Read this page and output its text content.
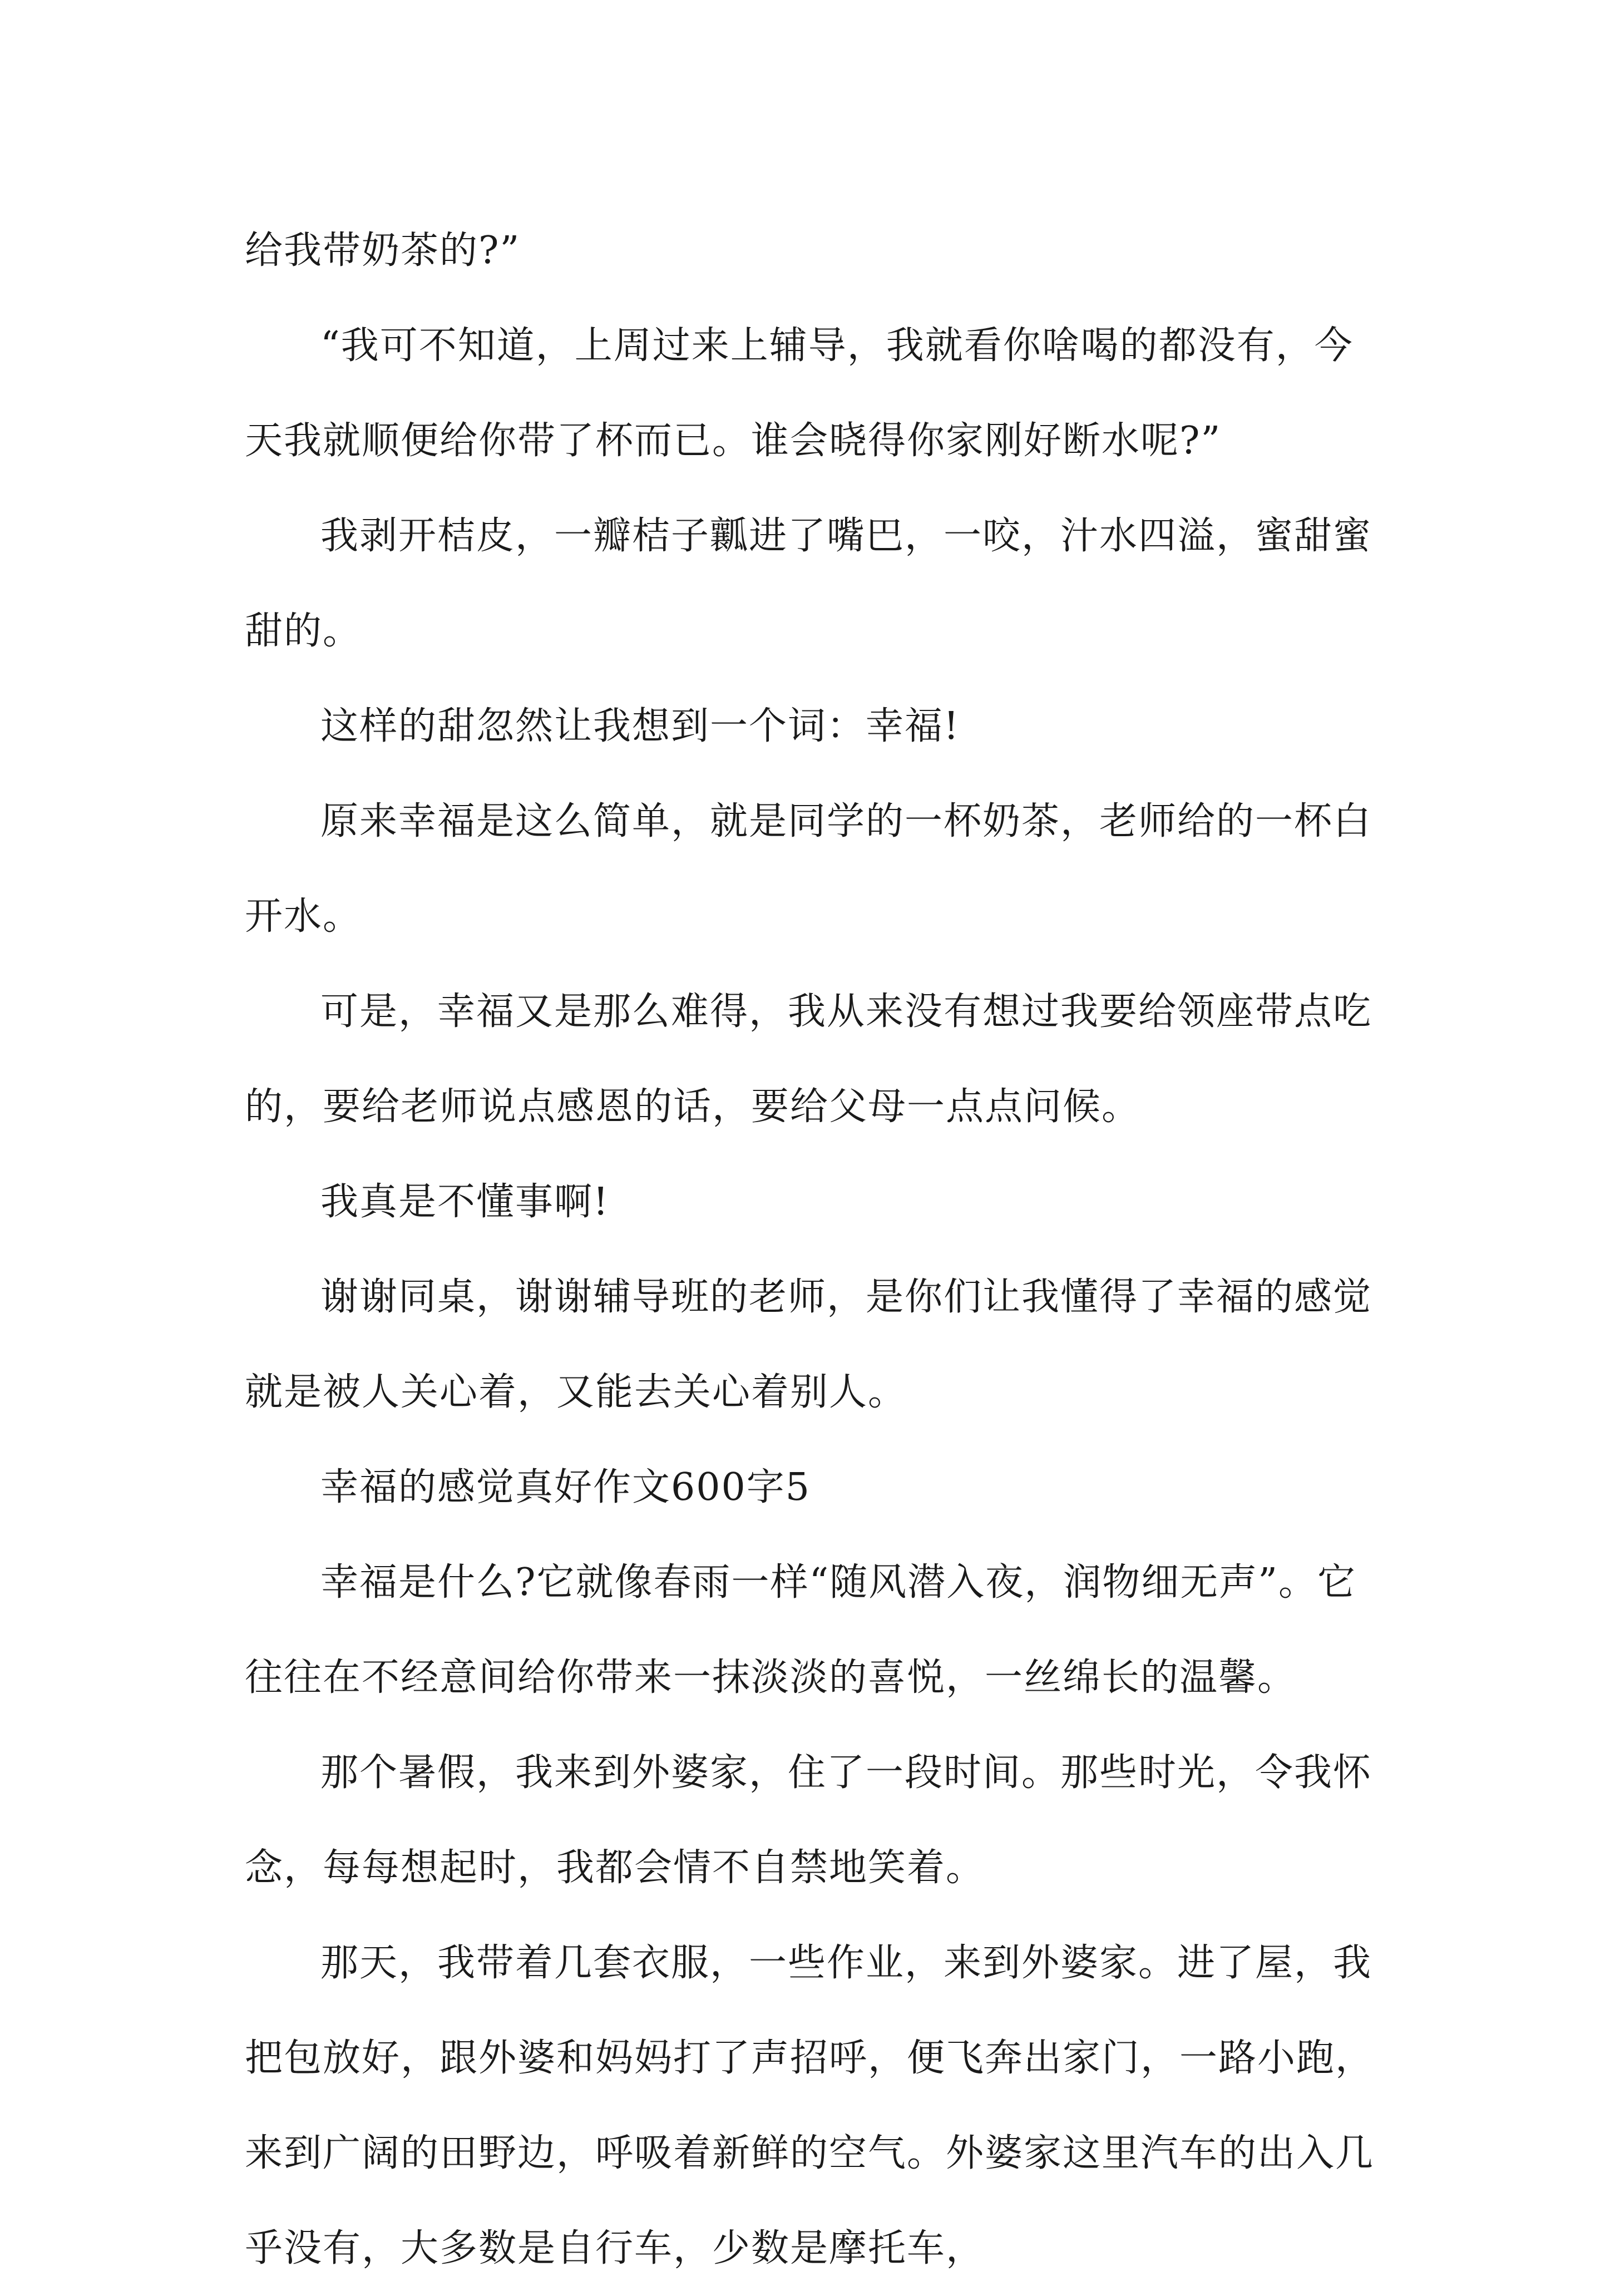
给我带奶茶的?”

“我可不知道，上周过来上辅导，我就看你啥喝的都没有，今天我就顺便给你带了杯而已。谁会晓得你家刚好断水呢?”

我剥开桔皮，一瓣桔子瓤进了嘴巴，一咬，汁水四溢，蜜甜蜜甜的。

这样的甜忽然让我想到一个词：幸福!

原来幸福是这么简单，就是同学的一杯奶茶，老师给的一杯白开水。

可是，幸福又是那么难得，我从来没有想过我要给领座带点吃的，要给老师说点感恩的话，要给父母一点点问候。

我真是不懂事啊!

谢谢同桌，谢谢辅导班的老师，是你们让我懂得了幸福的感觉就是被人关心着，又能去关心着别人。

幸福的感觉真好作文600字5

幸福是什么?它就像春雨一样“随风潜入夜，润物细无声”。它往往在不经意间给你带来一抹淡淡的喜悦，一丝绵长的温馨。

那个暑假，我来到外婆家，住了一段时间。那些时光，令我怀念，每每想起时，我都会情不自禁地笑着。

那天，我带着几套衣服，一些作业，来到外婆家。进了屋，我把包放好，跟外婆和妈妈打了声招呼，便飞奔出家门，一路小跑，来到广阔的田野边，呼吸着新鲜的空气。外婆家这里汽车的出入几乎没有，大多数是自行车，少数是摩托车，
